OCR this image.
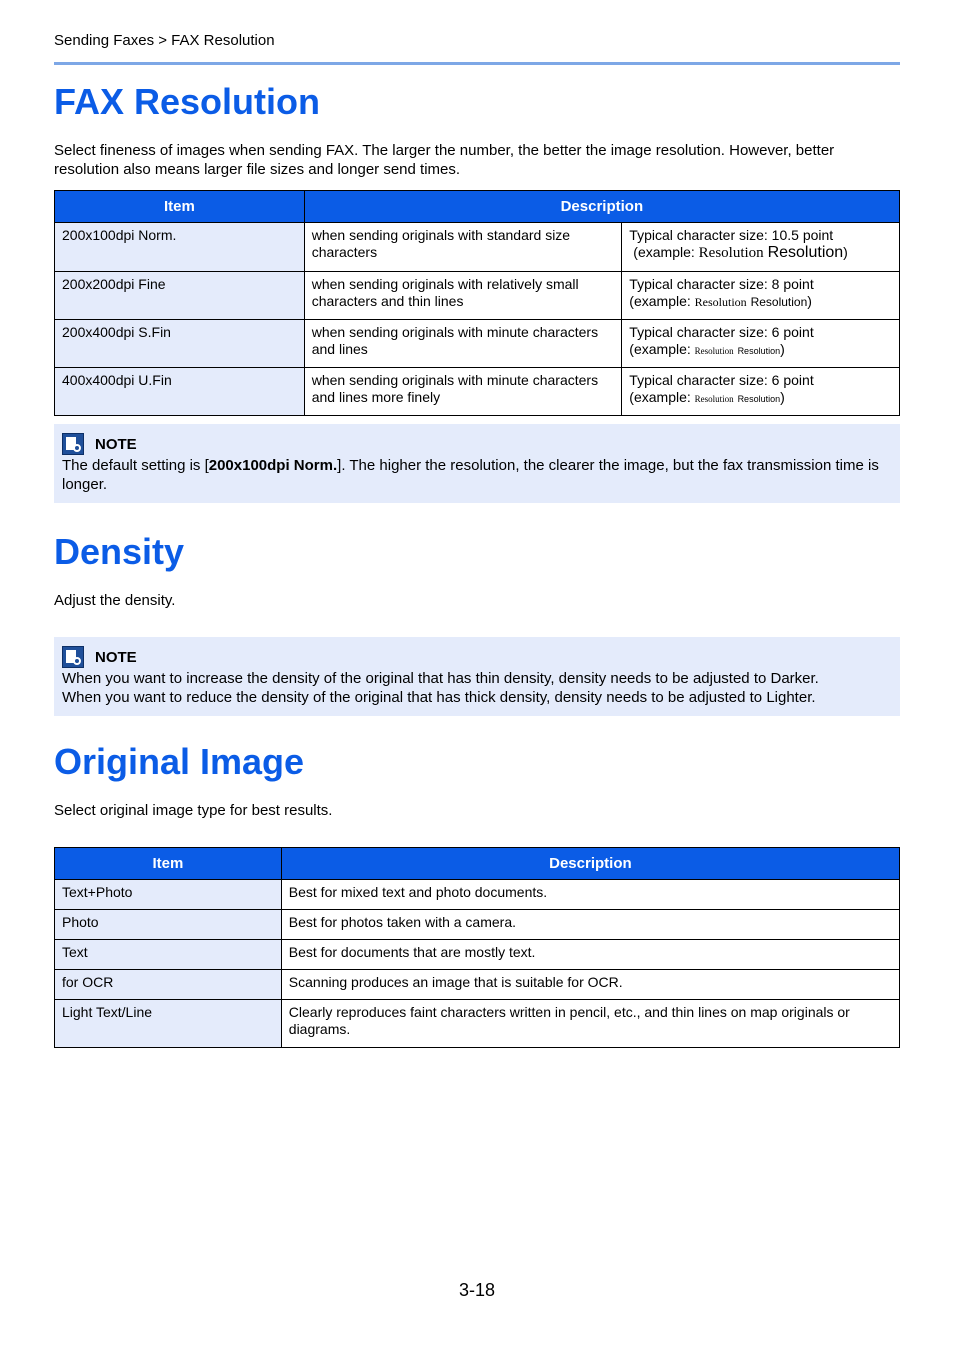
Sending Faxes > FAX Resolution
FAX Resolution
Select fineness of images when sending FAX. The larger the number, the better the image resolution. However, better resolution also means larger file sizes and longer send times.
Item	Description	
200x100dpi Norm.	when sending originals with standard size characters	Typical character size: 10.5 point
(example: Resolution Resolution)

200x200dpi Fine	when sending originals with relatively small characters and thin lines	Typical character size: 8 point
(example: Resolution Resolution)

200x400dpi S.Fin	when sending originals with minute characters and lines	Typical character size: 6 point
(example: Resolution Resolution)

400x400dpi U.Fin	when sending originals with minute characters and lines more finely	Typical character size: 6 point
(example: Resolution Resolution)
NOTE
The default setting is [200x100dpi Norm.]. The higher the resolution, the clearer the image, but the fax transmission time is longer.
Density
Adjust the density.
NOTE
When you want to increase the density of the original that has thin density, density needs to be adjusted to Darker.
When you want to reduce the density of the original that has thick density, density needs to be adjusted to Lighter.
Original Image
Select original image type for best results.
Item	Description
Text+Photo	Best for mixed text and photo documents.
Photo	Best for photos taken with a camera.
Text	Best for documents that are mostly text.
for OCR	Scanning produces an image that is suitable for OCR.
Light Text/Line	Clearly reproduces faint characters written in pencil, etc., and thin lines on map originals or diagrams.
3-18
